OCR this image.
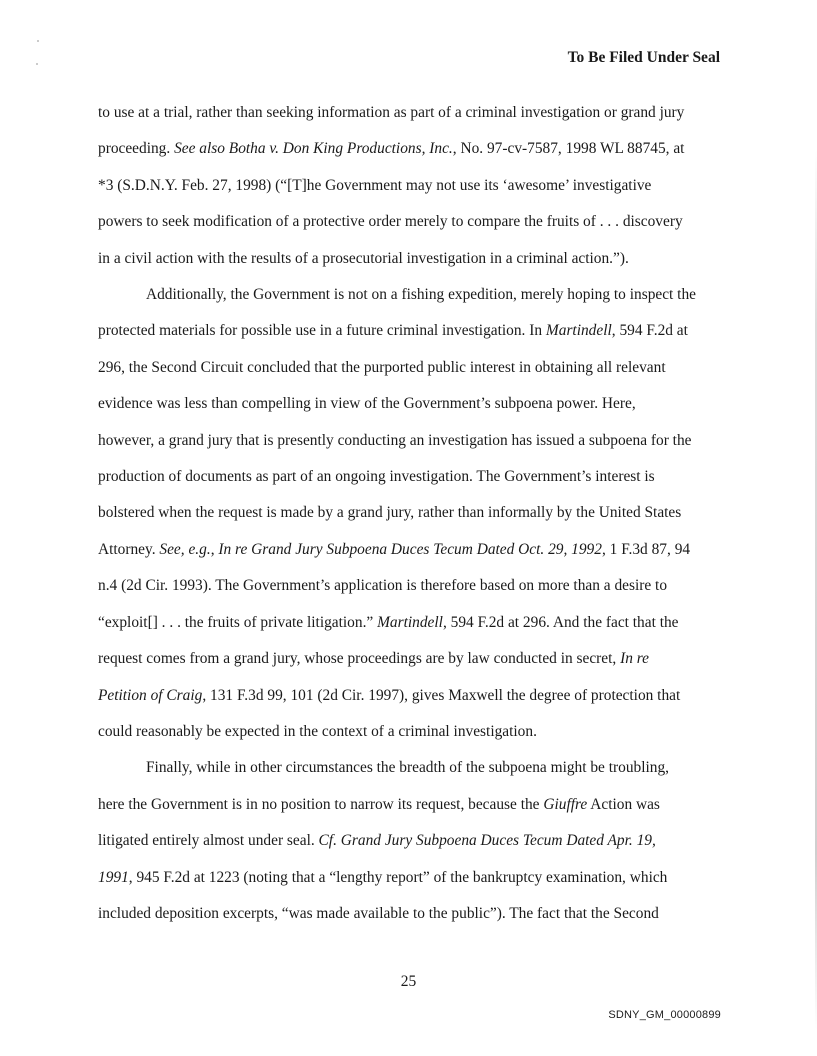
To Be Filed Under Seal
to use at a trial, rather than seeking information as part of a criminal investigation or grand jury
proceeding. See also Botha v. Don King Productions, Inc., No. 97-cv-7587, 1998 WL 88745, at
*3 (S.D.N.Y. Feb. 27, 1998) (“[T]he Government may not use its ‘awesome’ investigative
powers to seek modification of a protective order merely to compare the fruits of . . . discovery
in a civil action with the results of a prosecutorial investigation in a criminal action.”).
Additionally, the Government is not on a fishing expedition, merely hoping to inspect the
protected materials for possible use in a future criminal investigation. In Martindell, 594 F.2d at
296, the Second Circuit concluded that the purported public interest in obtaining all relevant
evidence was less than compelling in view of the Government’s subpoena power. Here,
however, a grand jury that is presently conducting an investigation has issued a subpoena for the
production of documents as part of an ongoing investigation. The Government’s interest is
bolstered when the request is made by a grand jury, rather than informally by the United States
Attorney. See, e.g., In re Grand Jury Subpoena Duces Tecum Dated Oct. 29, 1992, 1 F.3d 87, 94
n.4 (2d Cir. 1993). The Government’s application is therefore based on more than a desire to
“exploit[] . . . the fruits of private litigation.” Martindell, 594 F.2d at 296. And the fact that the
request comes from a grand jury, whose proceedings are by law conducted in secret, In re
Petition of Craig, 131 F.3d 99, 101 (2d Cir. 1997), gives Maxwell the degree of protection that
could reasonably be expected in the context of a criminal investigation.
Finally, while in other circumstances the breadth of the subpoena might be troubling,
here the Government is in no position to narrow its request, because the Giuffre Action was
litigated entirely almost under seal. Cf. Grand Jury Subpoena Duces Tecum Dated Apr. 19,
1991, 945 F.2d at 1223 (noting that a “lengthy report” of the bankruptcy examination, which
included deposition excerpts, “was made available to the public”). The fact that the Second
25
SDNY_GM_00000899
